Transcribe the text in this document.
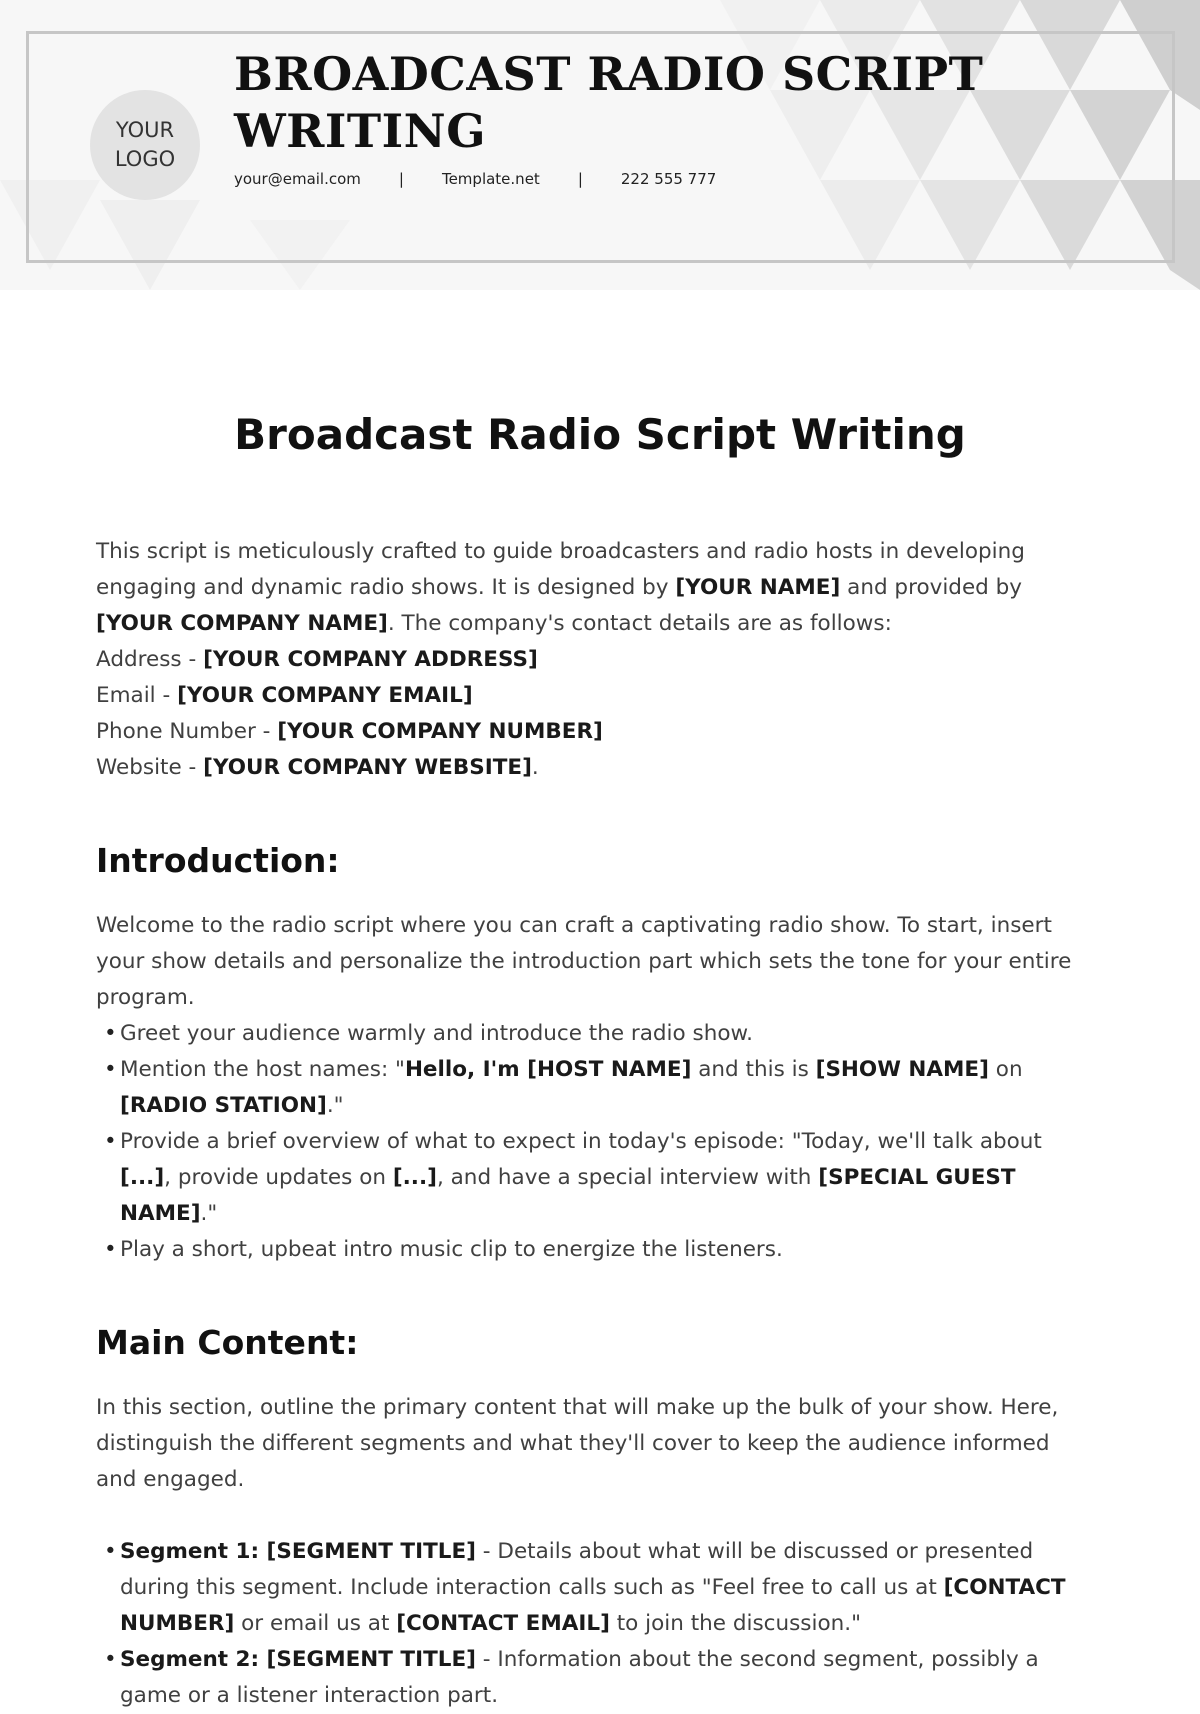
YOUR
LOGO
BROADCAST RADIO SCRIPT WRITING
your@email.com	|	Template.net	|	222 555 777
Broadcast Radio Script Writing

This script is meticulously crafted to guide broadcasters and radio hosts in developing engaging and dynamic radio shows. It is designed by [YOUR NAME] and provided by [YOUR COMPANY NAME]. The company's contact details are as follows:

Address - [YOUR COMPANY ADDRESS]

Email - [YOUR COMPANY EMAIL]

Phone Number - [YOUR COMPANY NUMBER]

Website - [YOUR COMPANY WEBSITE].

Introduction:

Welcome to the radio script where you can craft a captivating radio show. To start, insert your show details and personalize the introduction part which sets the tone for your entire program.

• Greet your audience warmly and introduce the radio show.
• Mention the host names: "Hello, I'm [HOST NAME] and this is [SHOW NAME] on [RADIO STATION]."
• Provide a brief overview of what to expect in today's episode: "Today, we'll talk about [...], provide updates on [...], and have a special interview with [SPECIAL GUEST NAME]."
• Play a short, upbeat intro music clip to energize the listeners.
Main Content:

In this section, outline the primary content that will make up the bulk of your show. Here, distinguish the different segments and what they'll cover to keep the audience informed and engaged.

• Segment 1: [SEGMENT TITLE] - Details about what will be discussed or presented during this segment. Include interaction calls such as "Feel free to call us at [CONTACT NUMBER] or email us at [CONTACT EMAIL] to join the discussion."
• Segment 2: [SEGMENT TITLE] - Information about the second segment, possibly a game or a listener interaction part.
